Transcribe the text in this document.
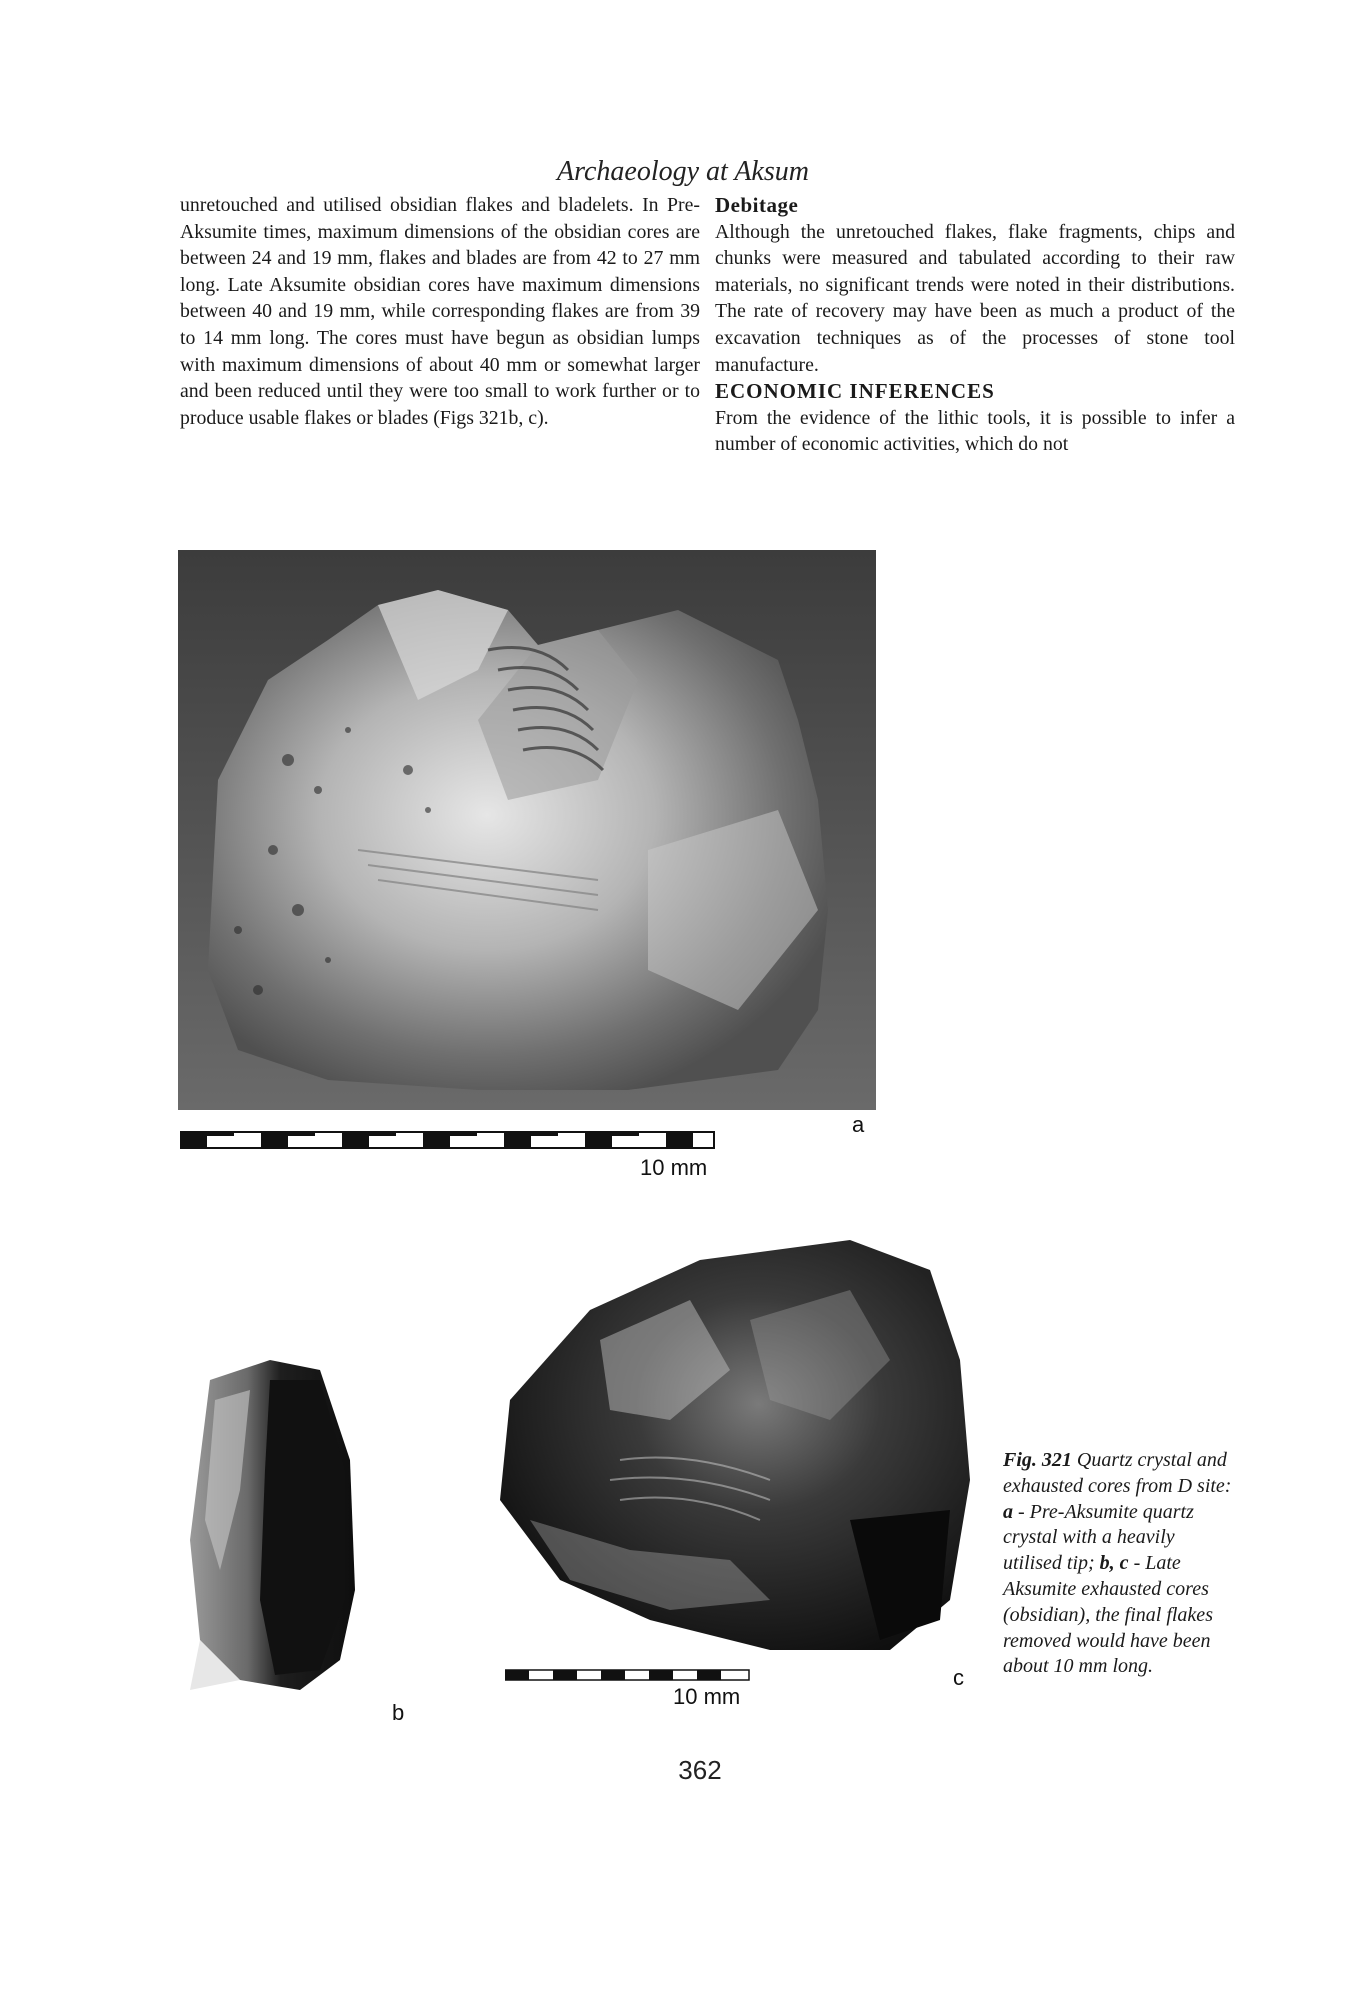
Archaeology at Aksum

unretouched and utilised obsidian flakes and bladelets. In Pre-Aksumite times, maximum dimensions of the obsidian cores are between 24 and 19 mm, flakes and blades are from 42 to 27 mm long. Late Aksumite obsidian cores have maximum dimensions between 40 and 19 mm, while corresponding flakes are from 39 to 14 mm long. The cores must have begun as obsidian lumps with maximum dimensions of about 40 mm or somewhat larger and been reduced until they were too small to work further or to produce usable flakes or blades (Figs 321b, c).

Debitage

Although the unretouched flakes, flake fragments, chips and chunks were measured and tabulated according to their raw materials, no significant trends were noted in their distributions. The rate of recovery may have been as much a product of the excavation techniques as of the processes of stone tool manufacture.

ECONOMIC INFERENCES

From the evidence of the lithic tools, it is possible to infer a number of economic activities, which do not

10 mm
a
b
10 mm
c
Fig. 321 Quartz crystal and exhausted cores from D site:
a - Pre-Aksumite quartz crystal with a heavily utilised tip; b, c - Late Aksumite exhausted cores (obsidian), the final flakes removed would have been about 10 mm long.
362
